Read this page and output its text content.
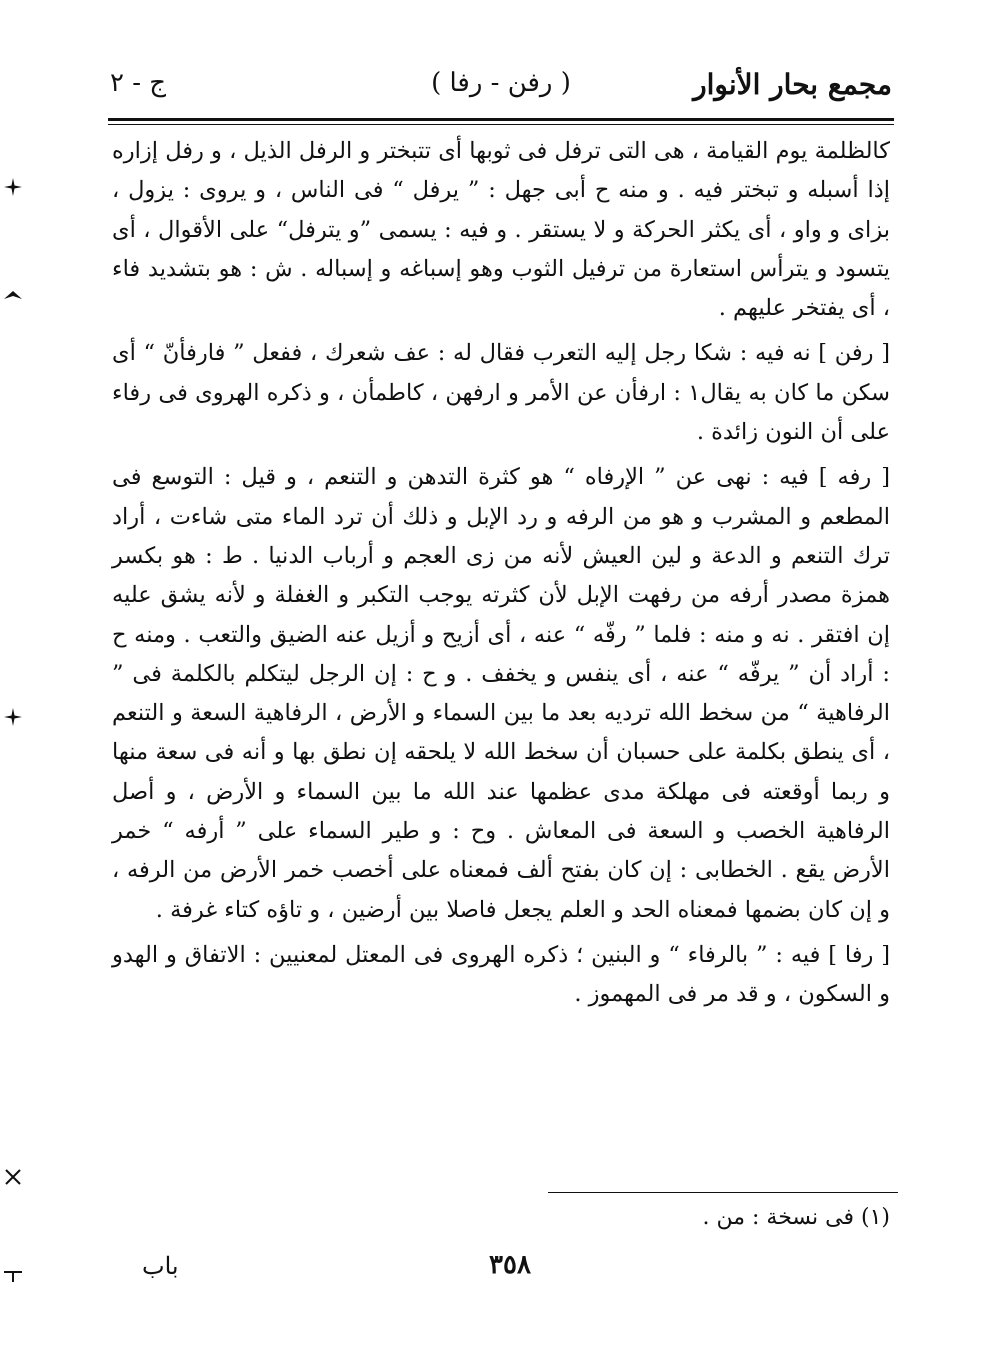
مجمع بحار الأنوار
( رفن - رفا )
ج - ٢

كالظلمة يوم القيامة ، هى التى ترفل فى ثوبها أى تتبختر و الرفل الذيل ، و رفل إزاره إذا أسبله و تبختر فيه . و منه ح أبى جهل : ” يرفل “ فى الناس ، و يروى : يزول ، بزاى و واو ، أى يكثر الحركة و لا يستقر . و فيه : يسمى ”و يترفل“ على الأقوال ، أى يتسود و يترأس استعارة من ترفيل الثوب وهو إسباغه و إسباله . ش : هو بتشديد فاء ، أى يفتخر عليهم .

[ رفن ] نه فيه : شكا رجل إليه التعرب فقال له : عف شعرك ، ففعل ” فارفأنّ “ أى سكن ما كان به يقال١ : ارفأن عن الأمر و ارفهن ، كاطمأن ، و ذكره الهروى فى رفاء على أن النون زائدة .

[ رفه ] فيه : نهى عن ” الإرفاه “ هو كثرة التدهن و التنعم ، و قيل : التوسع فى المطعم و المشرب و هو من الرفه و رد الإبل و ذلك أن ترد الماء متى شاءت ، أراد ترك التنعم و الدعة و لين العيش لأنه من زى العجم و أرباب الدنيا . ط : هو بكسر همزة مصدر أرفه من رفهت الإبل لأن كثرته يوجب التكبر و الغفلة و لأنه يشق عليه إن افتقر . نه و منه : فلما ” رفّه “ عنه ، أى أزيح و أزيل عنه الضيق والتعب . ومنه ح : أراد أن ” يرفّه “ عنه ، أى ينفس و يخفف . و ح : إن الرجل ليتكلم بالكلمة فى ” الرفاهية “ من سخط الله ترديه بعد ما بين السماء و الأرض ، الرفاهية السعة و التنعم ، أى ينطق بكلمة على حسبان أن سخط الله لا يلحقه إن نطق بها و أنه فى سعة منها و ربما أوقعته فى مهلكة مدى عظمها عند الله ما بين السماء و الأرض ، و أصل الرفاهية الخصب و السعة فى المعاش . وح : و طير السماء على ” أرفه “ خمر الأرض يقع . الخطابى : إن كان بفتح ألف فمعناه على أخصب خمر الأرض من الرفه ، و إن كان بضمها فمعناه الحد و العلم يجعل فاصلا بين أرضين ، و تاؤه كتاء غرفة .

[ رفا ] فيه : ” بالرفاء “ و البنين ؛ ذكره الهروى فى المعتل لمعنيين : الاتفاق و الهدو و السكون ، و قد مر فى المهموز .

(١) فى نسخة : من .
باب	٣٥٨
